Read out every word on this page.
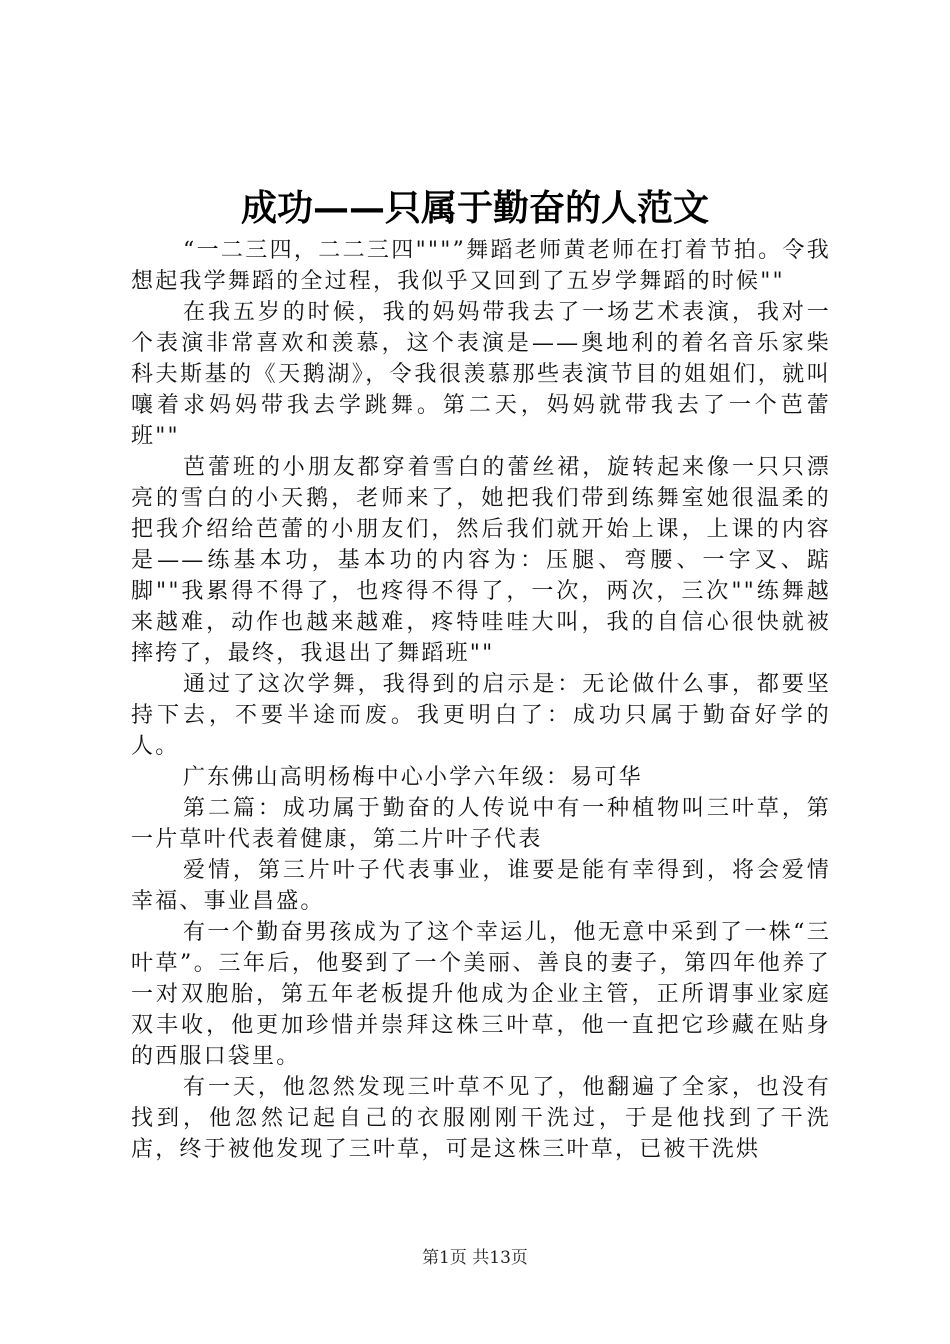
成功——只属于勤奋的人范文

“一二三四，二二三四"""”舞蹈老师黄老师在打着节拍。令我想起我学舞蹈的全过程，我似乎又回到了五岁学舞蹈的时候""

在我五岁的时候，我的妈妈带我去了一场艺术表演，我对一个表演非常喜欢和羡慕，这个表演是——奥地利的着名音乐家柴科夫斯基的《天鹅湖》，令我很羡慕那些表演节目的姐姐们，就叫嚷着求妈妈带我去学跳舞。第二天，妈妈就带我去了一个芭蕾班""

芭蕾班的小朋友都穿着雪白的蕾丝裙，旋转起来像一只只漂亮的雪白的小天鹅，老师来了，她把我们带到练舞室她很温柔的把我介绍给芭蕾的小朋友们，然后我们就开始上课，上课的内容是——练基本功，基本功的内容为：压腿、弯腰、一字叉、踮脚""我累得不得了，也疼得不得了，一次，两次，三次""练舞越来越难，动作也越来越难，疼特哇哇大叫，我的自信心很快就被摔挎了，最终，我退出了舞蹈班""

通过了这次学舞，我得到的启示是：无论做什么事，都要坚持下去，不要半途而废。我更明白了：成功只属于勤奋好学的人。

广东佛山高明杨梅中心小学六年级：易可华

第二篇：成功属于勤奋的人传说中有一种植物叫三叶草，第一片草叶代表着健康，第二片叶子代表

爱情，第三片叶子代表事业，谁要是能有幸得到，将会爱情幸福、事业昌盛。

有一个勤奋男孩成为了这个幸运儿，他无意中采到了一株“三叶草”。三年后，他娶到了一个美丽、善良的妻子，第四年他养了一对双胞胎，第五年老板提升他成为企业主管，正所谓事业家庭双丰收，他更加珍惜并崇拜这株三叶草，他一直把它珍藏在贴身的西服口袋里。

有一天，他忽然发现三叶草不见了，他翻遍了全家，也没有找到，他忽然记起自己的衣服刚刚干洗过，于是他找到了干洗店，终于被他发现了三叶草，可是这株三叶草，已被干洗烘

第1页 共13页
